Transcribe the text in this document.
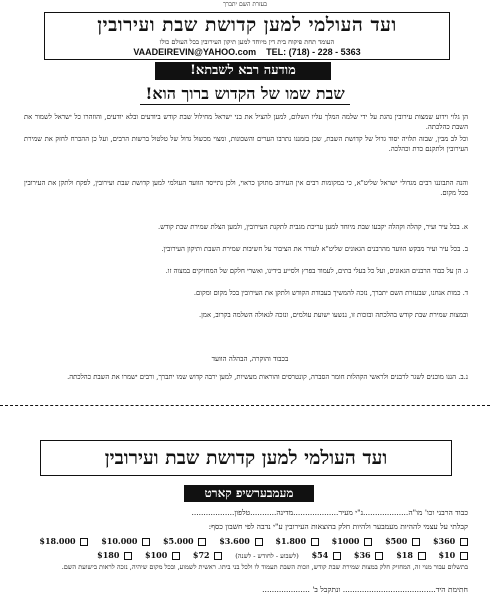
בעזרת השם יתברך
ועד העולמי למען קדושת שבת ועירובין
העומד תחת פיקוח בית דין מיוחד למען תיקון העירובין בכל העולם כולו
VAADEIREVIN@YAHOO.com TEL: (718) - 228 - 5363
מודעה רבא לשבתא!
שבת שמו של הקדוש ברוך הוא!
הן גלוי וידוע שמצות עירובין נהגת על ידי שלמה המלך עליו השלום, למען להציל את בני ישראל מחילול שבת קודש ביודעים ובלא יודעים, והוזהרו כל ישראל לשמור את השבת כהלכתה.
וכל לב מבין, שבזה תלויה יסוד גדול של קדושת השבת, שכן בזמננו נתרבו הערים והשכונות, ומצוי מכשול גדול של טלטול ברשות הרבים, ועל כן ההכרח לחזק את שמירת העירובין ולתקנם כדת וכהלכה.
והנה התבוננו רבים מגדולי ישראל שליט"א, כי במקומות רבים אין העירוב מתוקן כראוי, ולכן נתייסד הוועד העולמי למען קדושת שבת ועירובין, לפקח ולתקן את העירובין בכל מקום.
א. בכל עיר ועיר, קהלה וקהלה יקבעו שבת מיוחד למען עריכת מגבית לתקנת העירובין, ולמען הצלת שמירת שבת קודש.
ב. בכל עיר ועיר מבקש הוועד מהרבנים הגאונים שליט"א לעורר את הציבור על חשיבות שמירת השבת ותיקון העירובין.
ג. הן על כבוד הרבנים הגאונים, ועל כל בעלי בתים, לעמוד בפרץ ולסייע בידינו, ואשרי חלקם של המחזיקים במצוה זו.
ד. כמות אנחנו, שבעזרת השם יתברך, נזכה להמשיך בעבודת הקודש ולתקן את העירובין בכל מקום ומקום.
ובמצות שמירת שבת קודש בהלכתה ובזכות זו, ננשעו ישועת עולמים, ונזכה לגאולה השלמה בקרוב, אמן.
בכבוד והוקרה, הבהלה הוועד
נ.ב. הננו מוכנים לשגר לרבנים ולראשי הקהלות חומר הסברה, קונטרסים והוראות מעשיות, למען ירבה קדוש שמו יתברך, ורבים ישמרו את השבת כהלכתה.
ועד העולמי למען קדושת שבת ועירובין
מעמבערשיפ קארט
כבוד הרבני וכו' מו"ה...................נ"י מעיר...................מדינה...........טלפון..................
קבלתי על עצמי לההיות מעמבער ולהיות חלק בהוצאות העירובין ע"י נדבה לפי חשבון כסף:
$360  $500  $1000  $1.800  $3.600  $5.000  $10.000  $18.000
$10  $18  $36  $54 (לשבוע - לחודש - לשנה)  $72  $100  $180
בתשלום עבור מנוי זה, המחזיק חלק במצות שמירת שבת קודש, וזכות השבת תעמוד לו ולכל בני ביתו. ראשית לשמוע, ובכל מקום שיהיה, נזכה לראות בישועת השם.
חתימת היד....................................... ונתקבל ב' ....................
